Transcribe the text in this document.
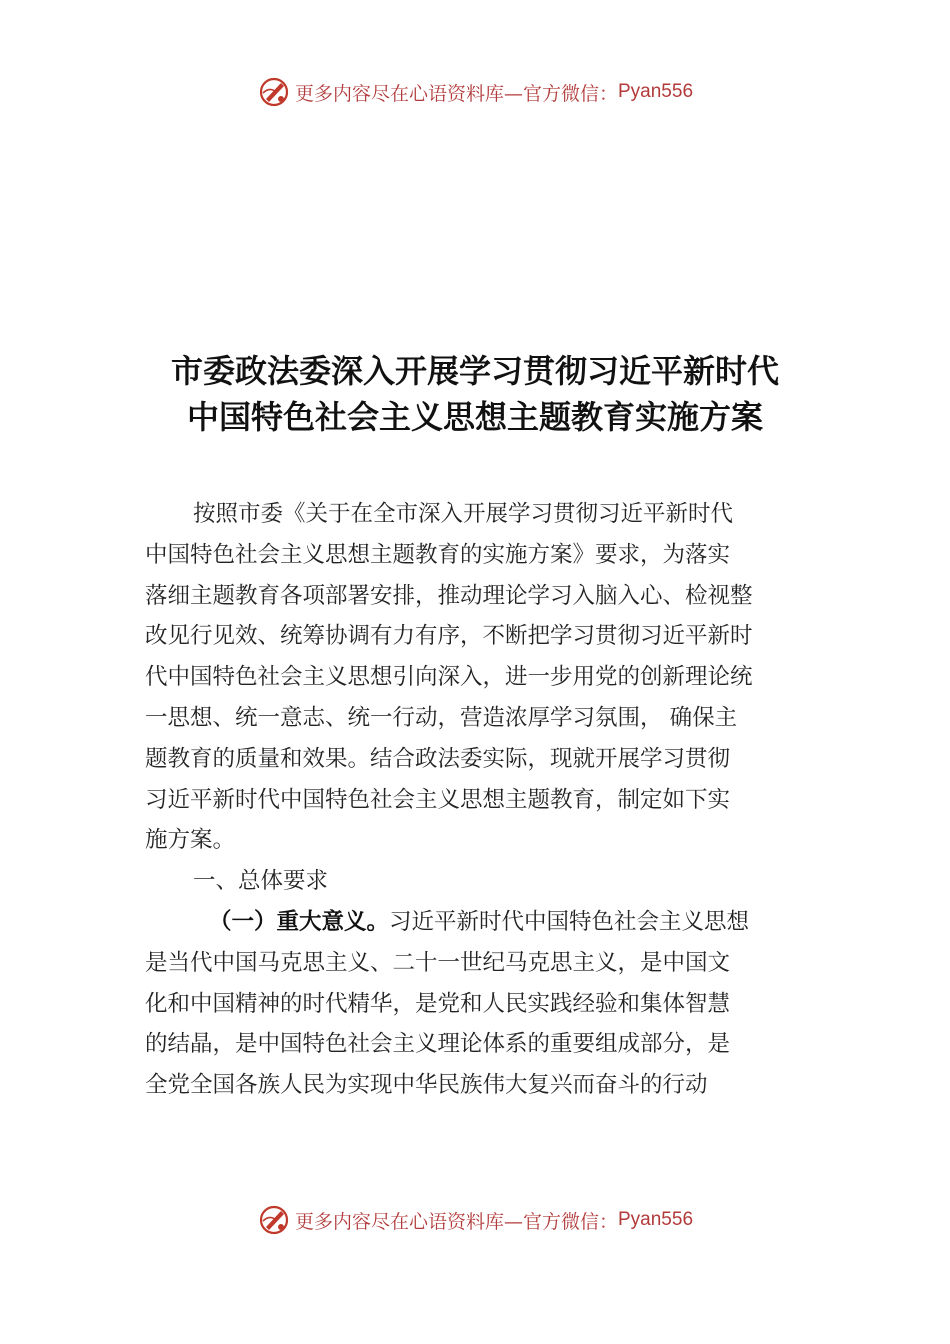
更多内容尽在心语资料库—官方微信： Pyan556
市委政法委深入开展学习贯彻习近平新时代
中国特色社会主义思想主题教育实施方案
按照市委《关于在全市深入开展学习贯彻习近平新时代
中国特色社会主义思想主题教育的实施方案》要求，为落实
落细主题教育各项部署安排，推动理论学习入脑入心、检视整
改见行见效、统筹协调有力有序，不断把学习贯彻习近平新时
代中国特色社会主义思想引向深入，进一步用党的创新理论统
一思想、统一意志、统一行动，营造浓厚学习氛围， 确保主
题教育的质量和效果。结合政法委实际，现就开展学习贯彻
习近平新时代中国特色社会主义思想主题教育，制定如下实
施方案。
一、总体要求
（一）重大意义。习近平新时代中国特色社会主义思想
是当代中国马克思主义、二十一世纪马克思主义，是中国文
化和中国精神的时代精华，是党和人民实践经验和集体智慧
的结晶，是中国特色社会主义理论体系的重要组成部分，是
全党全国各族人民为实现中华民族伟大复兴而奋斗的行动
更多内容尽在心语资料库—官方微信： Pyan556
